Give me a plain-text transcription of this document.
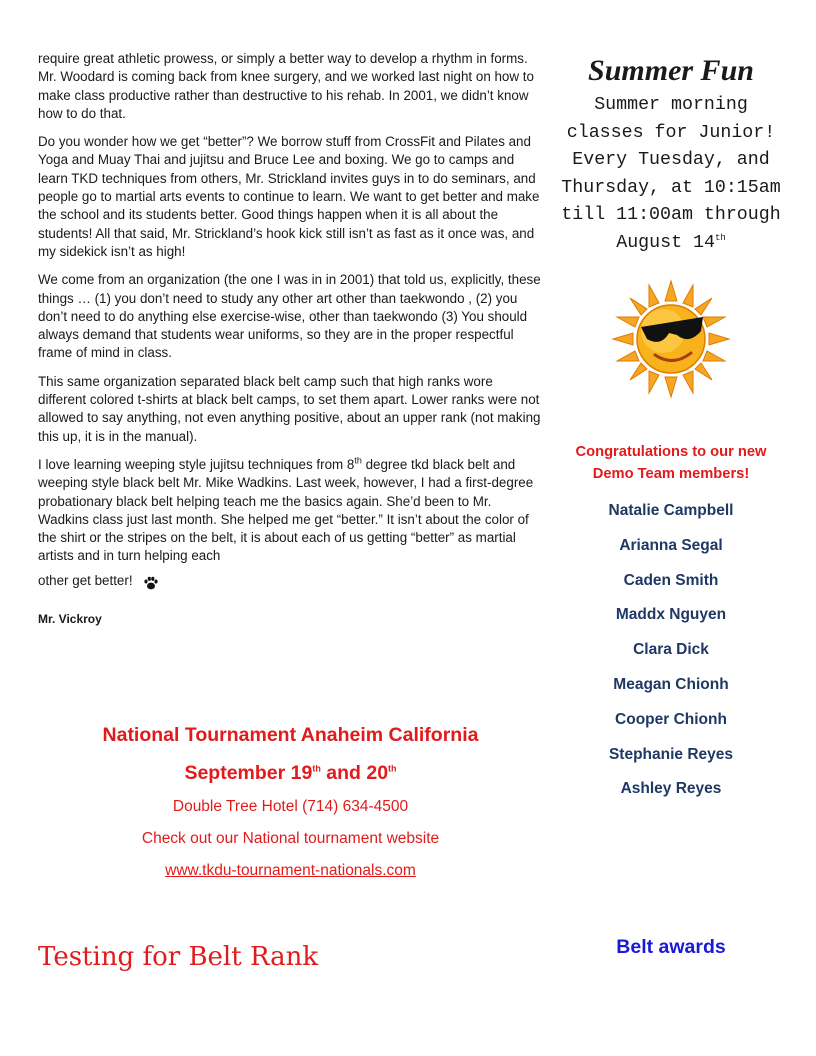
require great athletic prowess, or simply a better way to develop a rhythm in forms. Mr. Woodard is coming back from knee surgery, and we worked last night on how to make class productive rather than destructive to his rehab. In 2001, we didn’t know how to do that.

Do you wonder how we get “better”? We borrow stuff from CrossFit and Pilates and Yoga and Muay Thai and jujitsu and Bruce Lee and boxing. We go to camps and learn TKD techniques from others, Mr. Strickland invites guys in to do seminars, and people go to martial arts events to continue to learn. We want to get better and make the school and its students better. Good things happen when it is all about the students! All that said, Mr. Strickland’s hook kick still isn’t as fast as it once was, and my sidekick isn’t as high!

We come from an organization (the one I was in in 2001) that told us, explicitly, these things … (1) you don’t need to study any other art other than taekwondo , (2) you don’t need to do anything else exercise-wise, other than taekwondo (3) You should always demand that students wear uniforms, so they are in the proper respectful frame of mind in class.

This same organization separated black belt camp such that high ranks wore different colored t-shirts at black belt camps, to set them apart. Lower ranks were not allowed to say anything, not even anything positive, about an upper rank (not making this up, it is in the manual).

I love learning weeping style jujitsu techniques from 8th degree tkd black belt and weeping style black belt Mr. Mike Wadkins. Last week, however, I had a first-degree probationary black belt helping teach me the basics again. She’d been to Mr. Wadkins class just last month. She helped me get “better.” It isn’t about the color of the shirt or the stripes on the belt, it is about each of us getting “better” as martial artists and in turn helping each

other get better!

Mr. Vickroy
National Tournament Anaheim California
September 19th and 20th
Double Tree Hotel (714) 634-4500
Check out our National tournament website
www.tkdu-tournament-nationals.com
Testing for Belt Rank
Summer Fun
Summer morning classes for Junior! Every Tuesday, and Thursday, at 10:15am till 11:00am through August 14th
Congratulations to our new Demo Team members!
Natalie Campbell
Arianna Segal
Caden Smith
Maddx Nguyen
Clara Dick
Meagan Chionh
Cooper Chionh
Stephanie Reyes
Ashley Reyes
Belt awards
